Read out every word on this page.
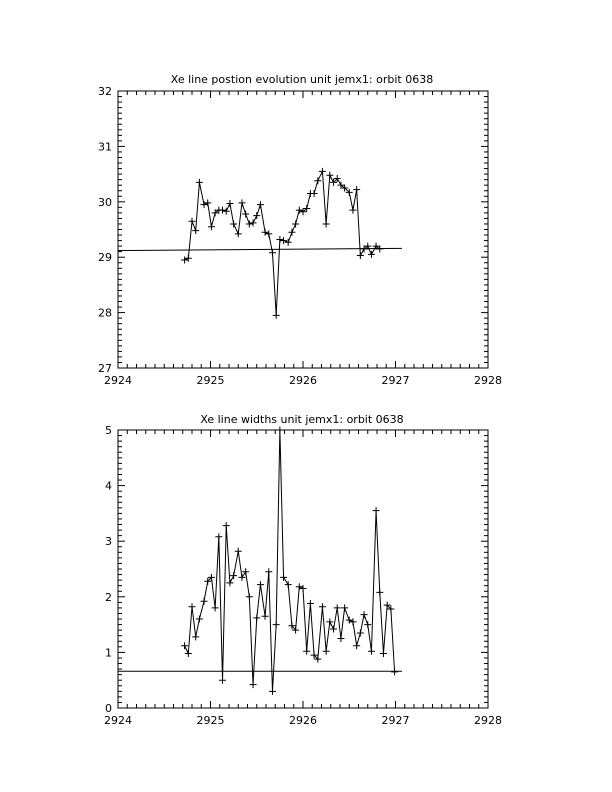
Xe line postion evolution unit jemx1: orbit 0638
2924	2925	2926	2927	2928
27
28
29
30
31
32
Xe line widths unit jemx1: orbit 0638
2924	2925	2926	2927	2928
0
1
2
3
4
5
